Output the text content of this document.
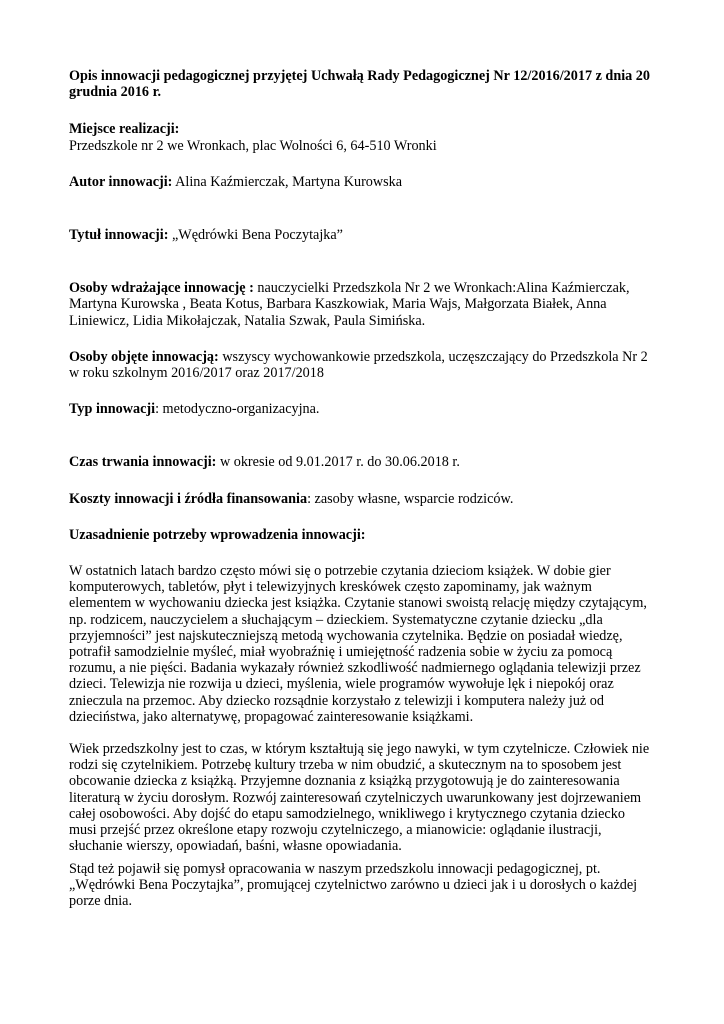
Opis innowacji pedagogicznej przyjętej Uchwałą Rady Pedagogicznej Nr 12/2016/2017 z dnia 20 grudnia 2016 r.

Miejsce realizacji:
Przedszkole nr 2 we Wronkach, plac Wolności 6, 64-510 Wronki

Autor innowacji: Alina Kaźmierczak, Martyna Kurowska

Tytuł innowacji: „Wędrówki Bena Poczytajka”

Osoby wdrażające innowację : nauczycielki Przedszkola Nr 2 we Wronkach:Alina Kaźmierczak, Martyna Kurowska , Beata Kotus, Barbara Kaszkowiak, Maria Wajs, Małgorzata Białek, Anna Liniewicz, Lidia Mikołajczak, Natalia Szwak, Paula Simińska.

Osoby objęte innowacją: wszyscy wychowankowie przedszkola, uczęszczający do Przedszkola Nr 2 w roku szkolnym 2016/2017 oraz 2017/2018

Typ innowacji: metodyczno-organizacyjna.

Czas trwania innowacji: w okresie od 9.01.2017 r. do 30.06.2018 r.

Koszty innowacji i źródła finansowania: zasoby własne, wsparcie rodziców.

Uzasadnienie potrzeby wprowadzenia innowacji:

W ostatnich latach bardzo często mówi się o potrzebie czytania dzieciom książek. W dobie gier komputerowych, tabletów, płyt i telewizyjnych kreskówek często zapominamy, jak ważnym elementem w wychowaniu dziecka jest książka. Czytanie stanowi swoistą relację między czytającym, np. rodzicem, nauczycielem a słuchającym – dzieckiem. Systematyczne czytanie dziecku „dla przyjemności” jest najskuteczniejszą metodą wychowania czytelnika. Będzie on posiadał wiedzę, potrafił samodzielnie myśleć, miał wyobraźnię i umiejętność radzenia sobie w życiu za pomocą rozumu, a nie pięści. Badania wykazały również szkodliwość nadmiernego oglądania telewizji przez dzieci. Telewizja nie rozwija u dzieci, myślenia, wiele programów wywołuje lęk i niepokój oraz znieczula na przemoc. Aby dziecko rozsądnie korzystało z telewizji i komputera należy już od dzieciństwa, jako alternatywę, propagować zainteresowanie książkami.

Wiek przedszkolny jest to czas, w którym kształtują się jego nawyki, w tym czytelnicze. Człowiek nie rodzi się czytelnikiem. Potrzebę kultury trzeba w nim obudzić, a skutecznym na to sposobem jest obcowanie dziecka z książką. Przyjemne doznania z książką przygotowują je do zainteresowania literaturą w życiu dorosłym. Rozwój zainteresowań czytelniczych uwarunkowany jest dojrzewaniem całej osobowości. Aby dojść do etapu samodzielnego, wnikliwego i krytycznego czytania dziecko musi przejść przez określone etapy rozwoju czytelniczego, a mianowicie: oglądanie ilustracji, słuchanie wierszy, opowiadań, baśni, własne opowiadania.

Stąd też pojawił się pomysł opracowania w naszym przedszkolu innowacji pedagogicznej, pt. „Wędrówki Bena Poczytajka”, promującej czytelnictwo zarówno u dzieci jak i u dorosłych o każdej porze dnia.
